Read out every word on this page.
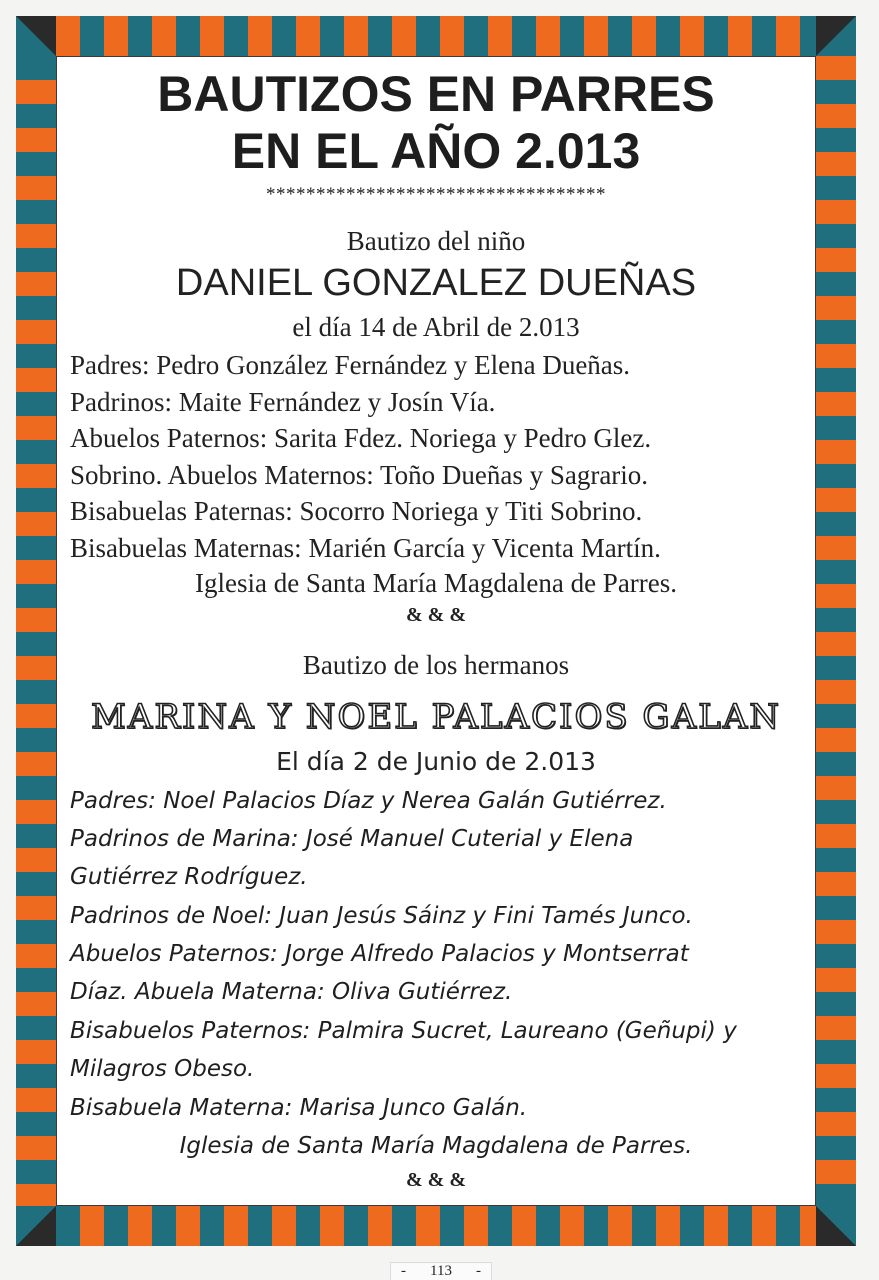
BAUTIZOS EN PARRES
EN EL AÑO 2.013
**********************************
Bautizo del niño
DANIEL GONZALEZ DUEÑAS
el día 14 de Abril de 2.013
Padres: Pedro González Fernández y Elena Dueñas.
Padrinos: Maite Fernández y Josín Vía.
Abuelos Paternos: Sarita Fdez. Noriega y Pedro Glez.
Sobrino. Abuelos Maternos: Toño Dueñas y Sagrario.
Bisabuelas Paternas: Socorro Noriega y Titi Sobrino.
Bisabuelas Maternas: Marién García y Vicenta Martín.
Iglesia de Santa María Magdalena de Parres.
& & &
Bautizo de los hermanos
MARINA Y NOEL PALACIOS GALAN
El día 2 de Junio de 2.013
Padres: Noel Palacios Díaz y Nerea Galán Gutiérrez.
Padrinos de Marina: José Manuel Cuterial y Elena
Gutiérrez Rodríguez.
Padrinos de Noel: Juan Jesús Sáinz y Fini Tamés Junco.
Abuelos Paternos: Jorge Alfredo Palacios y Montserrat
Díaz. Abuela Materna: Oliva Gutiérrez.
Bisabuelos Paternos: Palmira Sucret, Laureano (Geñupi) y
Milagros Obeso.
Bisabuela Materna: Marisa Junco Galán.
Iglesia de Santa María Magdalena de Parres.
& & &
- 113 -
